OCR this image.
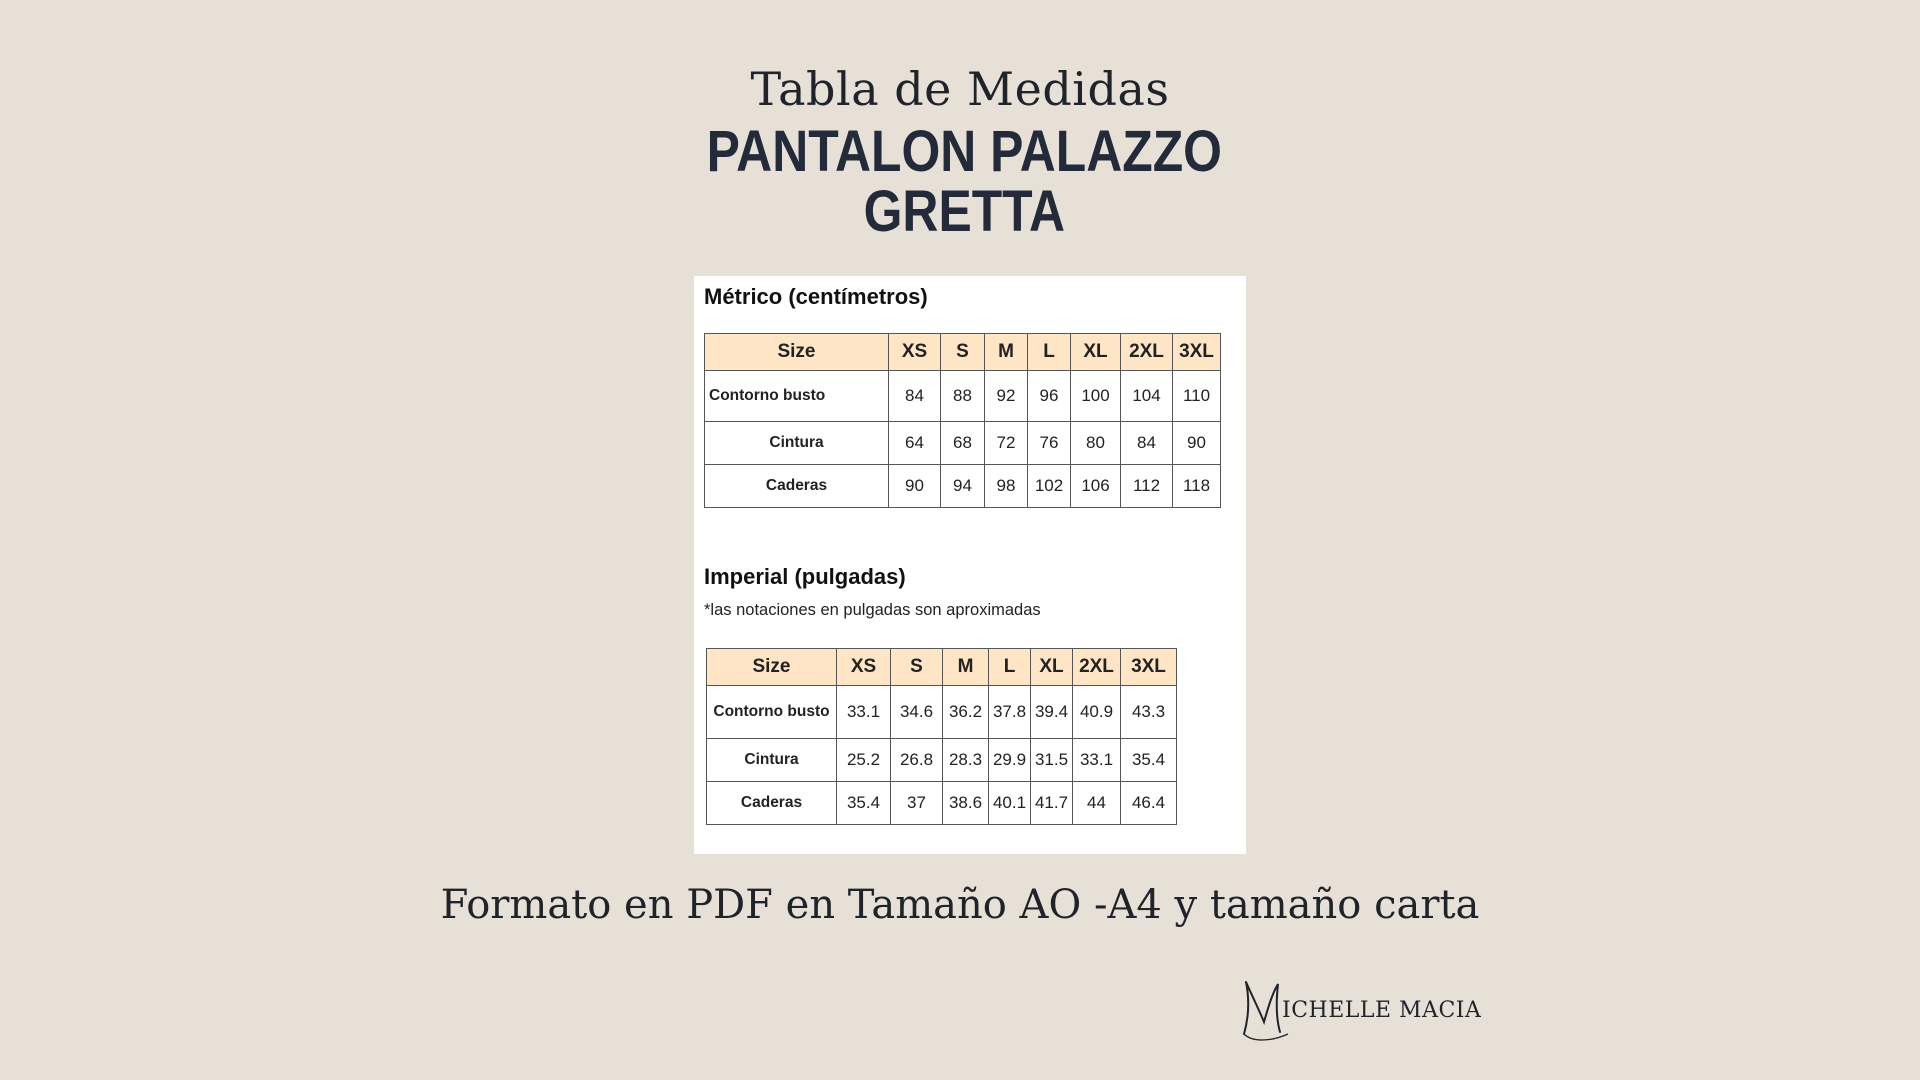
Tabla de Medidas
PANTALON PALAZZO
GRETTA
Métrico (centímetros)
Size	XS	S	M	L	XL	2XL	3XL
Contorno busto	84	88	92	96	100	104	110
Cintura	64	68	72	76	80	84	90
Caderas	90	94	98	102	106	112	118
Imperial (pulgadas)
*las notaciones en pulgadas son aproximadas
Size	XS	S	M	L	XL	2XL	3XL
Contorno busto	33.1	34.6	36.2	37.8	39.4	40.9	43.3
Cintura	25.2	26.8	28.3	29.9	31.5	33.1	35.4
Caderas	35.4	37	38.6	40.1	41.7	44	46.4
Formato en PDF en Tamaño AO -A4 y tamaño carta
ICHELLE MACIA
